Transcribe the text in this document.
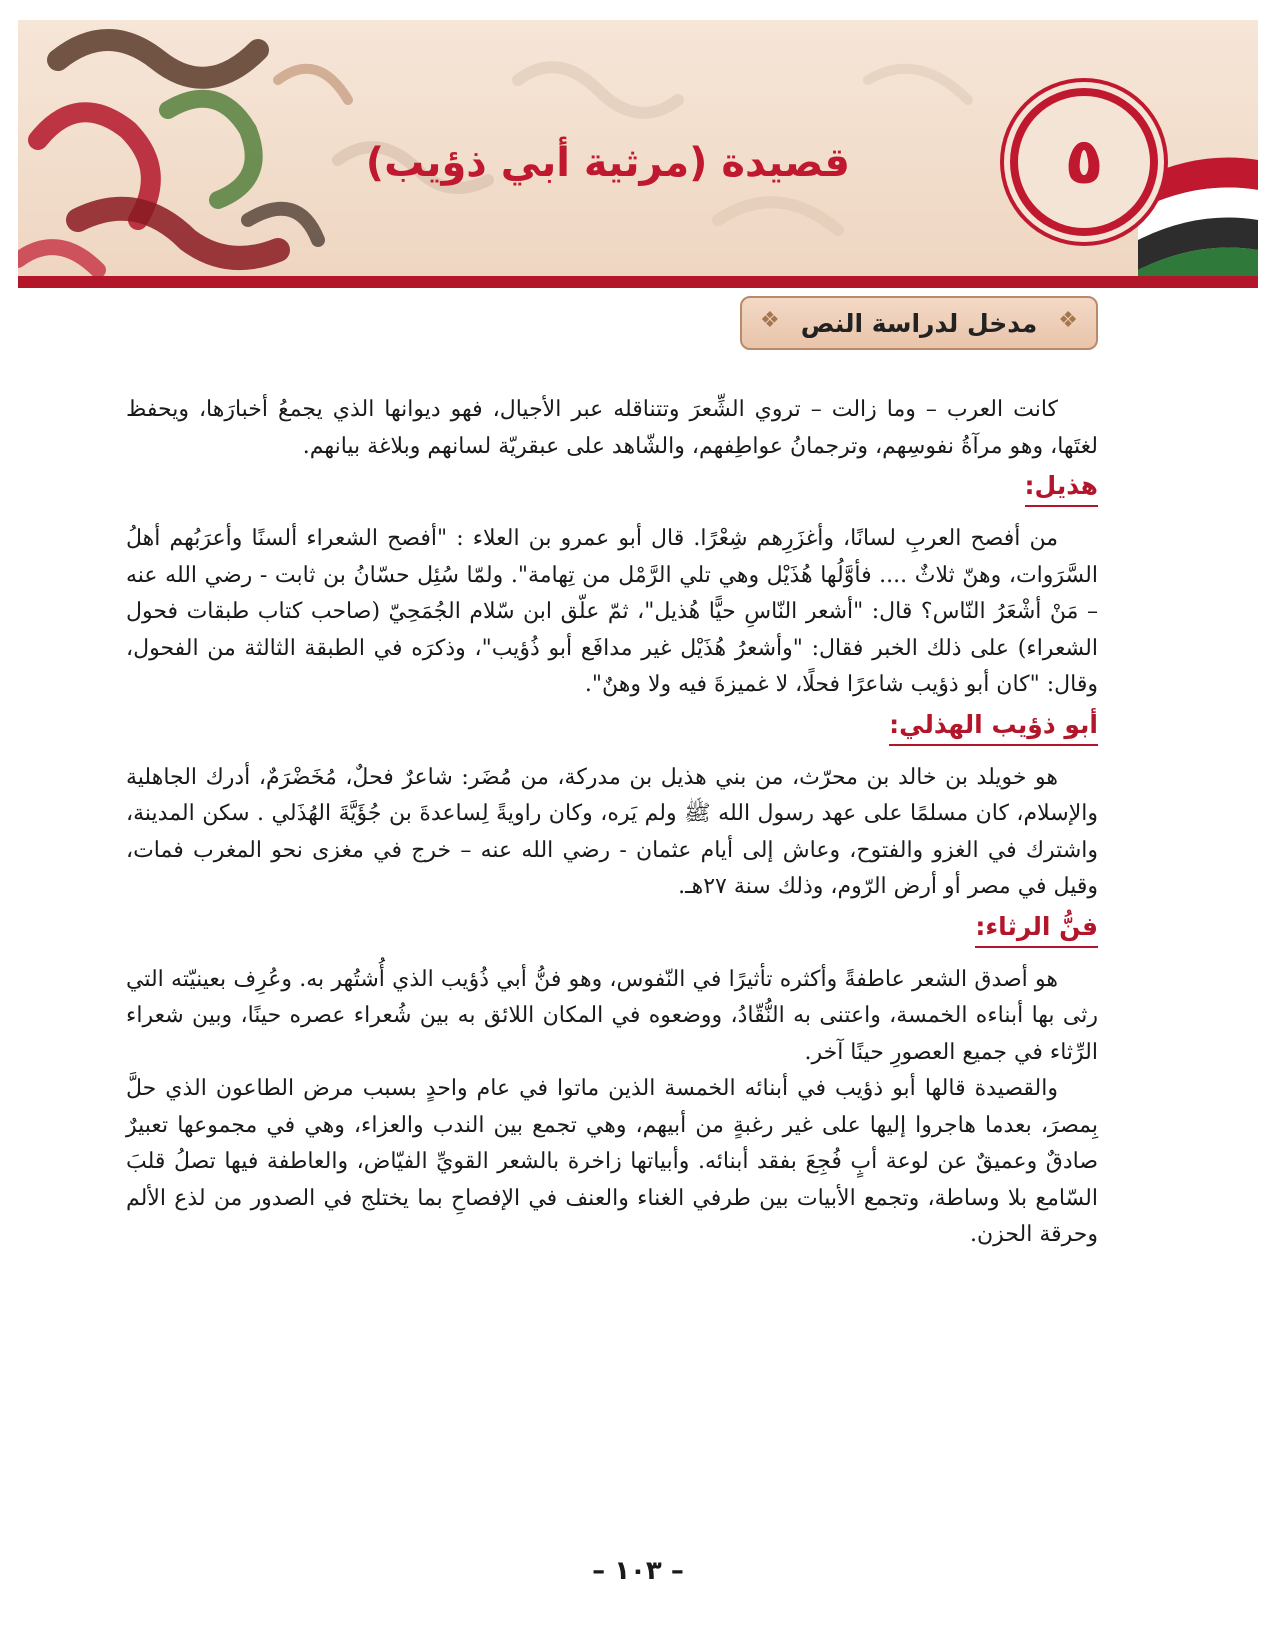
٥
قصيدة (مرثية أبي ذؤيب)
❖ مدخل لدراسة النص
❖

كانت العرب – وما زالت – تروي الشِّعرَ وتتناقله عبر الأجيال، فهو ديوانها الذي يجمعُ أخبارَها، ويحفظ لغتَها، وهو مرآةُ نفوسِهم، وترجمانُ عواطِفهم، والشّاهد على عبقريّة لسانهم وبلاغة بيانهم.

هذيل:

من أفصح العربِ لسانًا، وأغزَرِهم شِعْرًا. قال أبو عمرو بن العلاء : "أفصح الشعراء ألسنًا وأعرَبُهم أهلُ السَّرَوات، وهنّ ثلاثٌ .... فأوَّلُها هُذَيْل وهي تلي الرَّمْل من تِهامة". ولمّا سُئِل حسّانُ بن ثابت - رضي الله عنه – مَنْ أشْعَرُ النّاس؟ قال: "أشعر النّاسِ حيًّا هُذيل"، ثمّ علّق ابن سّلام الجُمَحِيّ (صاحب كتاب طبقات فحول الشعراء) على ذلك الخبر فقال: "وأشعرُ هُذَيْل غير مدافَع أبو ذُؤيب"، وذكرَه في الطبقة الثالثة من الفحول، وقال: "كان أبو ذؤيب شاعرًا فحلًا، لا غميزةَ فيه ولا وهنٌ".

أبو ذؤيب الهذلي:

هو خويلد بن خالد بن محرّث، من بني هذيل بن مدركة، من مُضَر: شاعرٌ فحلٌ، مُخَضْرَمٌ، أدرك الجاهلية والإسلام، كان مسلمًا على عهد رسول الله ﷺ ولم يَره، وكان راويةً لِساعدةَ بن جُؤَيَّةَ الهُذَلي . سكن المدينة، واشترك في الغزو والفتوح، وعاش إلى أيام عثمان - رضي الله عنه – خرج في مغزى نحو المغرب فمات، وقيل في مصر أو أرض الرّوم، وذلك سنة ٢٧هـ.

فنُّ الرثاء:

هو أصدق الشعر عاطفةً وأكثره تأثيرًا في النّفوس، وهو فنُّ أبي ذُؤيب الذي أُشتُهر به. وعُرِف بعينيّته التي رثى بها أبناءه الخمسة، واعتنى به النُّقّادُ، ووضعوه في المكان اللائق به بين شُعراء عصره حينًا، وبين شعراء الرِّثاء في جميع العصورِ حينًا آخر.

والقصيدة قالها أبو ذؤيب في أبنائه الخمسة الذين ماتوا في عام واحدٍ بسبب مرض الطاعون الذي حلَّ بِمصرَ، بعدما هاجروا إليها على غير رغبةٍ من أبيهم، وهي تجمع بين الندب والعزاء، وهي في مجموعها تعبيرٌ صادقٌ وعميقٌ عن لوعة أبٍ فُجِعَ بفقد أبنائه. وأبياتها زاخرة بالشعر القويِّ الفيّاض، والعاطفة فيها تصلُ قلبَ السّامع بلا وساطة، وتجمع الأبيات بين طرفي الغناء والعنف في الإفصاحِ بما يختلج في الصدور من لذع الألم وحرقة الحزن.

– ١٠٣ –
